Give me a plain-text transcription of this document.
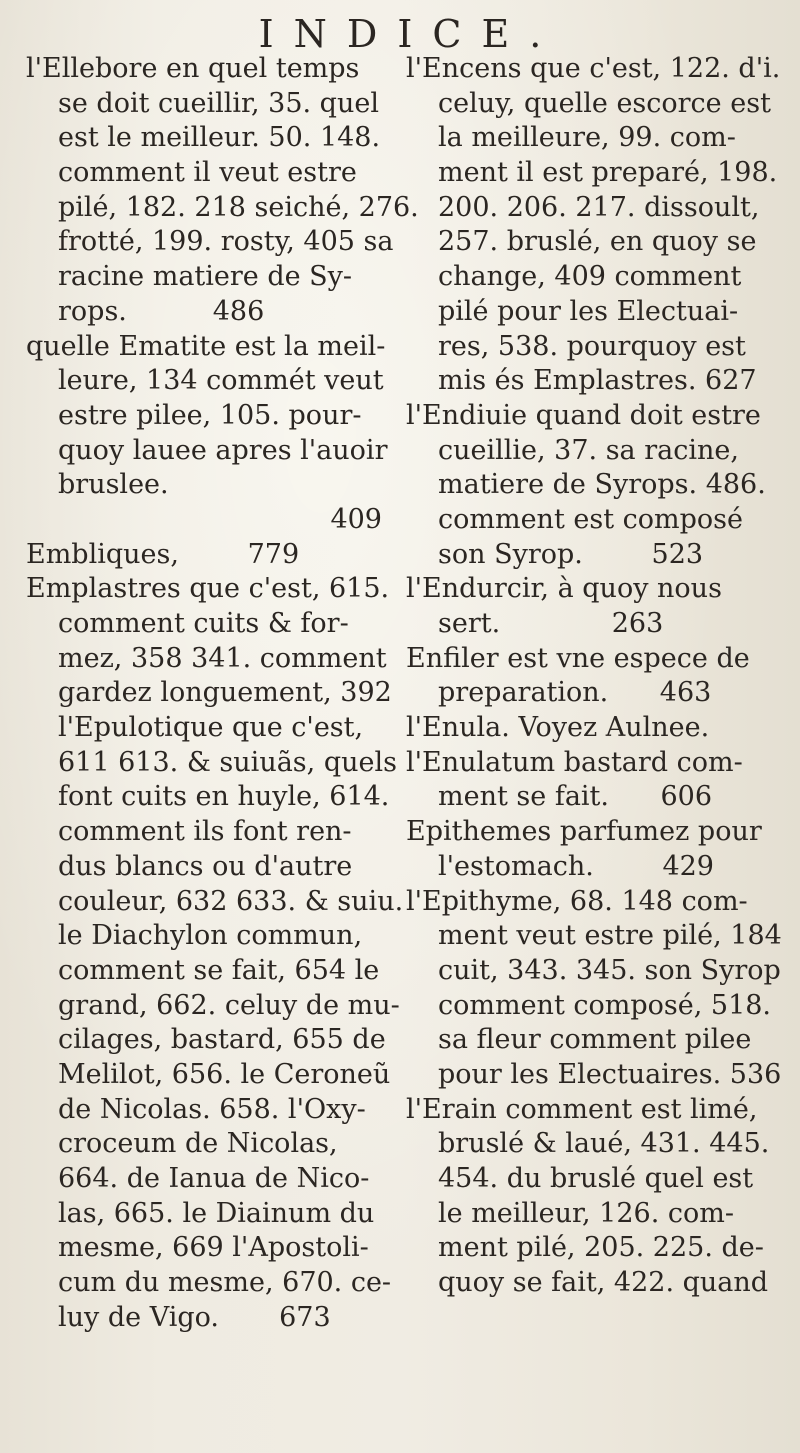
INDICE.
l'Ellebore en quel temps
se doit cueillir, 35. quel
est le meilleur. 50. 148.
comment il veut estre
pilé, 182. 218 seiché, 276.
frotté, 199. rosty, 405 sa
racine matiere de Sy-
rops.          486
quelle Ematite est la meil-
leure, 134 commét veut
estre pilee, 105. pour-
quoy lauee apres l'auoir
bruslee.
409
Embliques,        779
Emplastres que c'est, 615.
comment cuits & for-
mez, 358 341. comment
gardez longuement, 392
l'Epulotique que c'est,
611 613. & suiuãs, quels
font cuits en huyle, 614.
comment ils font ren-
dus blancs ou d'autre
couleur, 632 633. & suiu.
le Diachylon commun,
comment se fait, 654 le
grand, 662. celuy de mu-
cilages, bastard, 655 de
Melilot, 656. le Ceroneũ
de Nicolas. 658. l'Oxy-
croceum de Nicolas,
664. de Ianua de Nico-
las, 665. le Diainum du
mesme, 669 l'Apostoli-
cum du mesme, 670. ce-
luy de Vigo.       673
l'Encens que c'est, 122. d'i.
celuy, quelle escorce est
la meilleure, 99. com-
ment il est preparé, 198.
200. 206. 217. dissoult,
257. bruslé, en quoy se
change, 409 comment
pilé pour les Electuai-
res, 538. pourquoy est
mis és Emplastres. 627
l'Endiuie quand doit estre
cueillie, 37. sa racine,
matiere de Syrops. 486.
comment est composé
son Syrop.        523
l'Endurcir, à quoy nous
sert.             263
Enfiler est vne espece de
preparation.      463
l'Enula. Voyez Aulnee.
l'Enulatum bastard com-
ment se fait.      606
Epithemes parfumez pour
l'estomach.        429
l'Epithyme, 68. 148 com-
ment veut estre pilé, 184
cuit, 343. 345. son Syrop
comment composé, 518.
sa fleur comment pilee
pour les Electuaires. 536
l'Erain comment est limé,
bruslé & laué, 431. 445.
454. du bruslé quel est
le meilleur, 126. com-
ment pilé, 205. 225. de-
quoy se fait, 422. quand
